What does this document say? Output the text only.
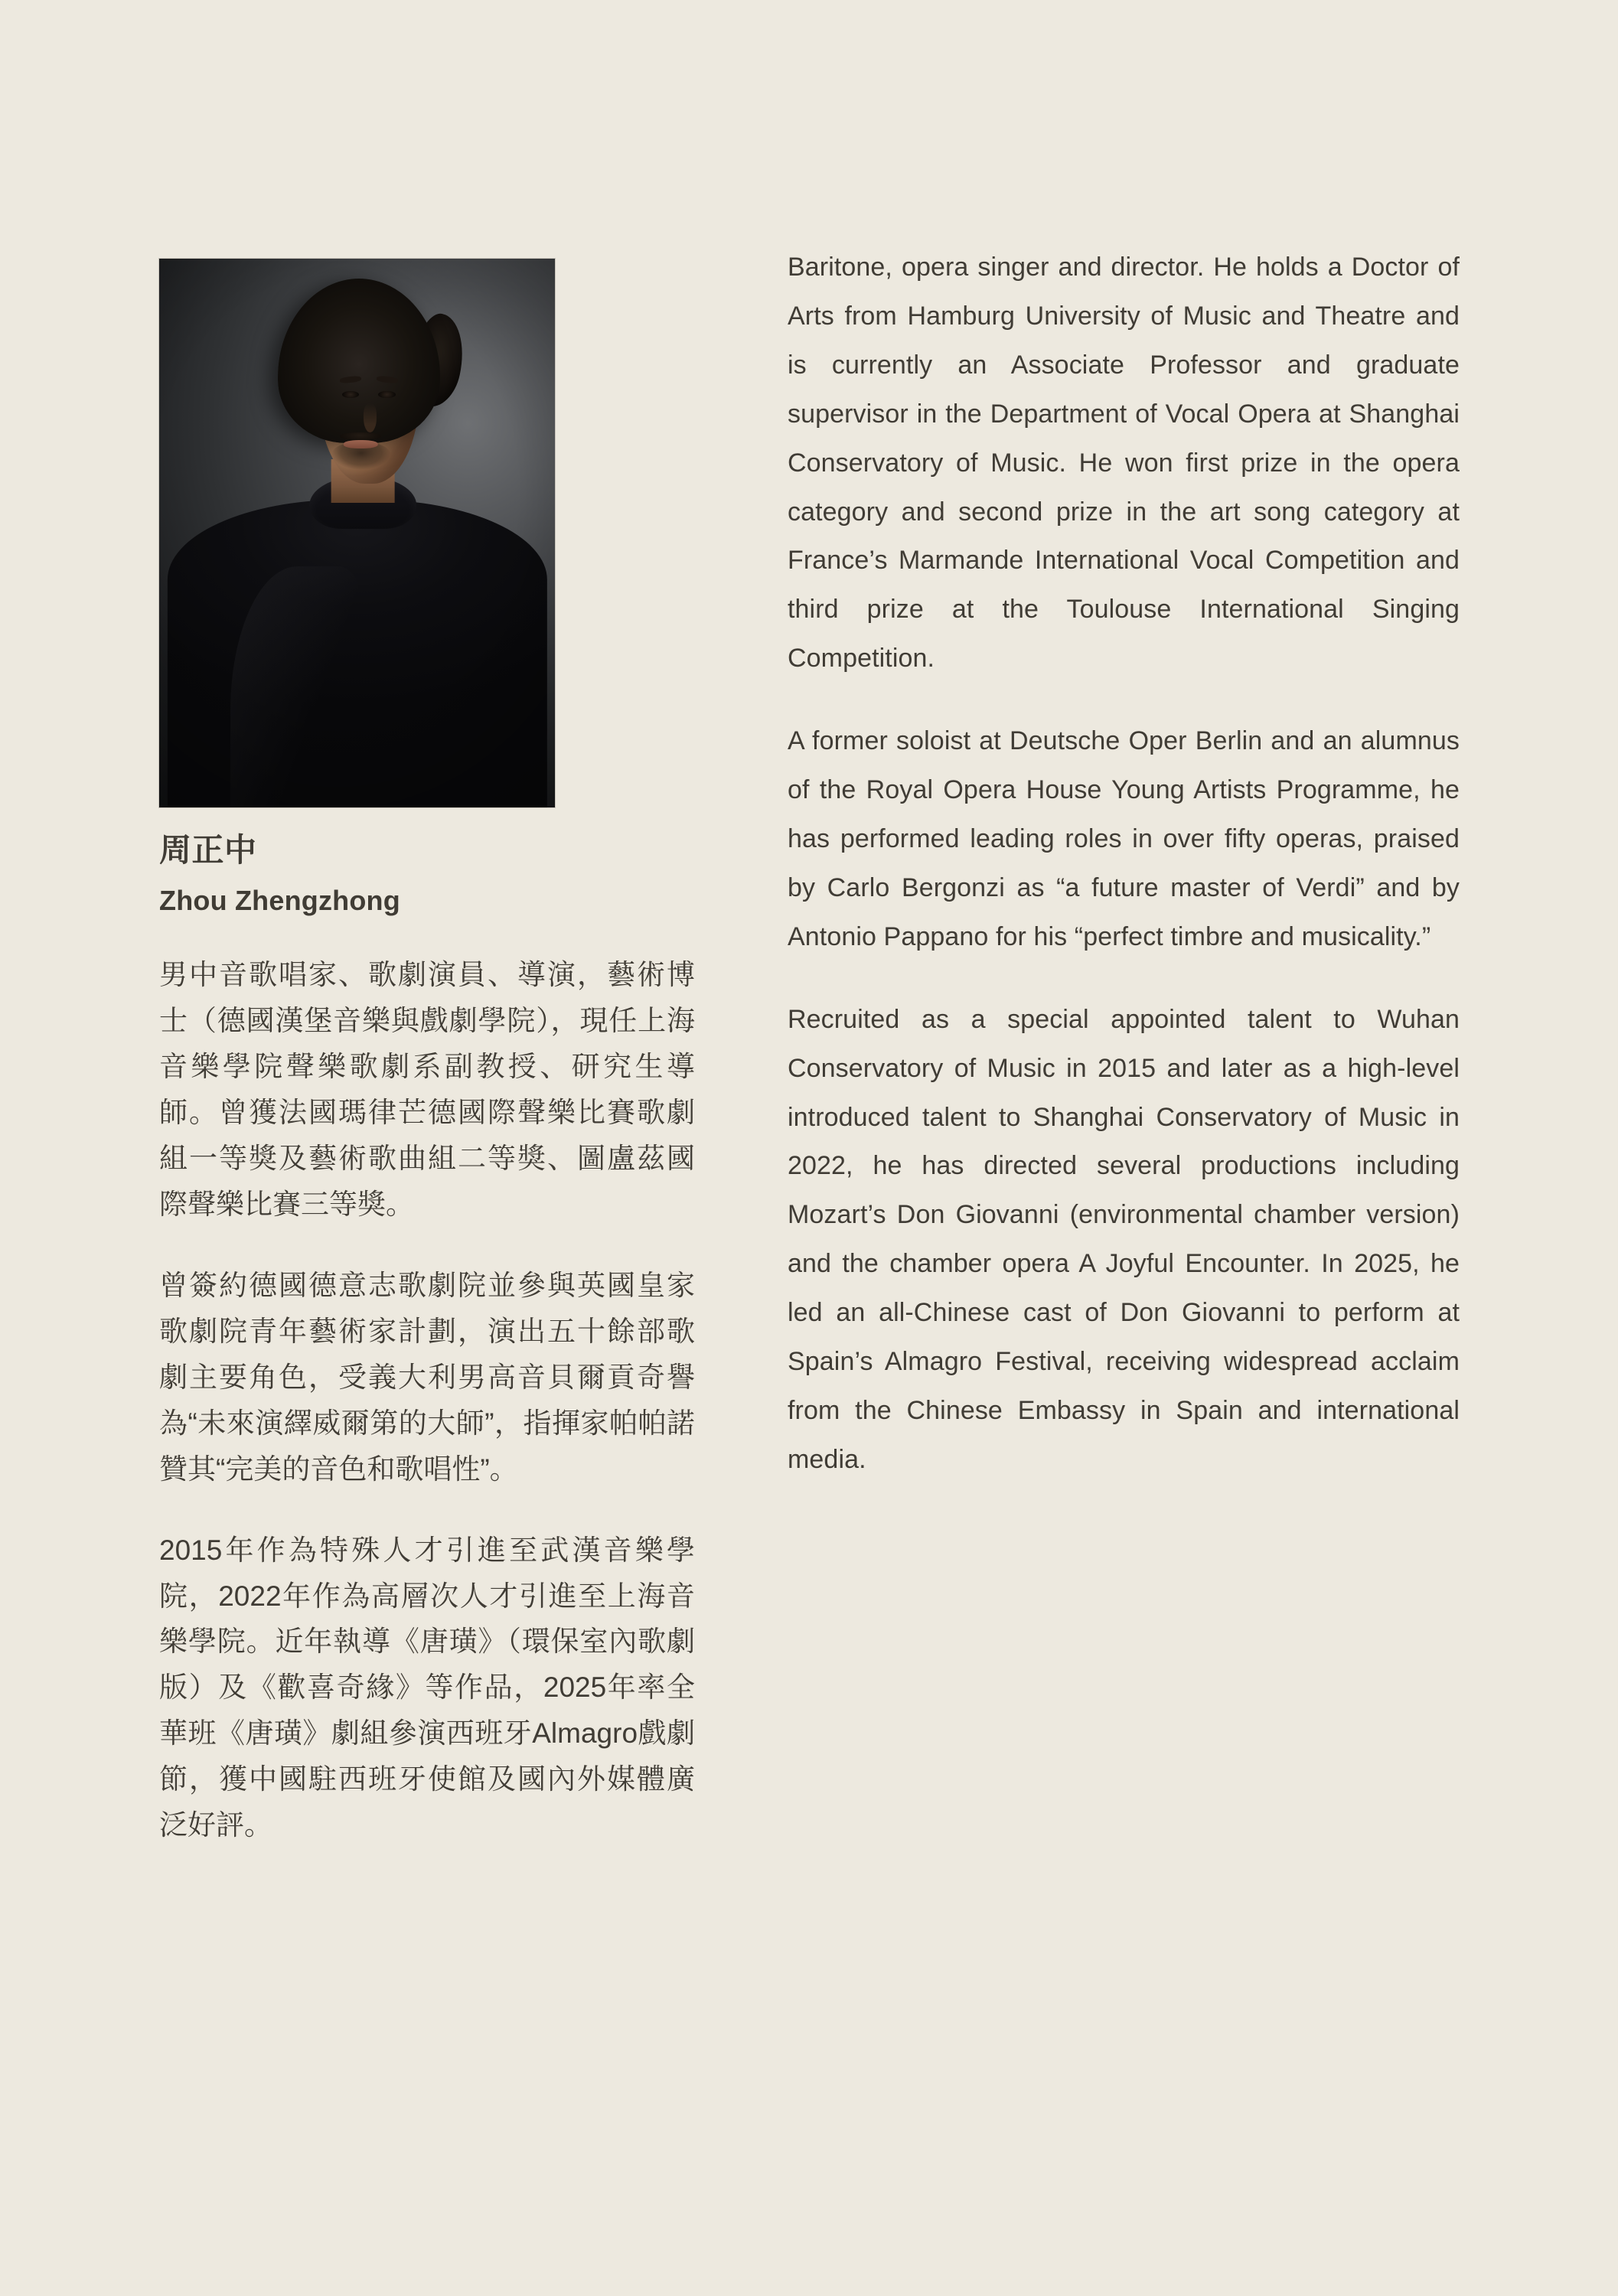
周正中
Zhou Zhengzhong

男中音歌唱家、歌劇演員、導演，藝術博士（德國漢堡音樂與戲劇學院），現任上海音樂學院聲樂歌劇系副教授、研究生導師。曾獲法國瑪律芒德國際聲樂比賽歌劇組一等獎及藝術歌曲組二等獎、圖盧茲國際聲樂比賽三等獎。

曾簽約德國德意志歌劇院並參與英國皇家歌劇院青年藝術家計劃，演出五十餘部歌劇主要角色，受義大利男高音貝爾貢奇譽為“未來演繹威爾第的大師”，指揮家帕帕諾贊其“完美的音色和歌唱性”。

2015年作為特殊人才引進至武漢音樂學院，2022年作為高層次人才引進至上海音樂學院。近年執導《唐璜》（環保室內歌劇版）及《歡喜奇緣》等作品，2025年率全華班《唐璜》劇組參演西班牙Almagro戲劇節，獲中國駐西班牙使館及國內外媒體廣泛好評。

Baritone, opera singer and director. He holds a Doctor of Arts from Hamburg University of Music and Theatre and is currently an Associate Professor and graduate supervisor in the Department of Vocal Opera at Shanghai Conservatory of Music. He won first prize in the opera category and second prize in the art song category at France’s Marmande International Vocal Competition and third prize at the Toulouse International Singing Competition.

A former soloist at Deutsche Oper Berlin and an alumnus of the Royal Opera House Young Artists Programme, he has performed leading roles in over fifty operas, praised by Carlo Bergonzi as “a future master of Verdi” and by Antonio Pappano for his “perfect timbre and musicality.”

Recruited as a special appointed talent to Wuhan Conservatory of Music in 2015 and later as a high-level introduced talent to Shanghai Conservatory of Music in 2022, he has directed several productions including Mozart’s Don Giovanni (environmental chamber version) and the chamber opera A Joyful Encounter. In 2025, he led an all-Chinese cast of Don Giovanni to perform at Spain’s Almagro Festival, receiving widespread acclaim from the Chinese Embassy in Spain and international media.
